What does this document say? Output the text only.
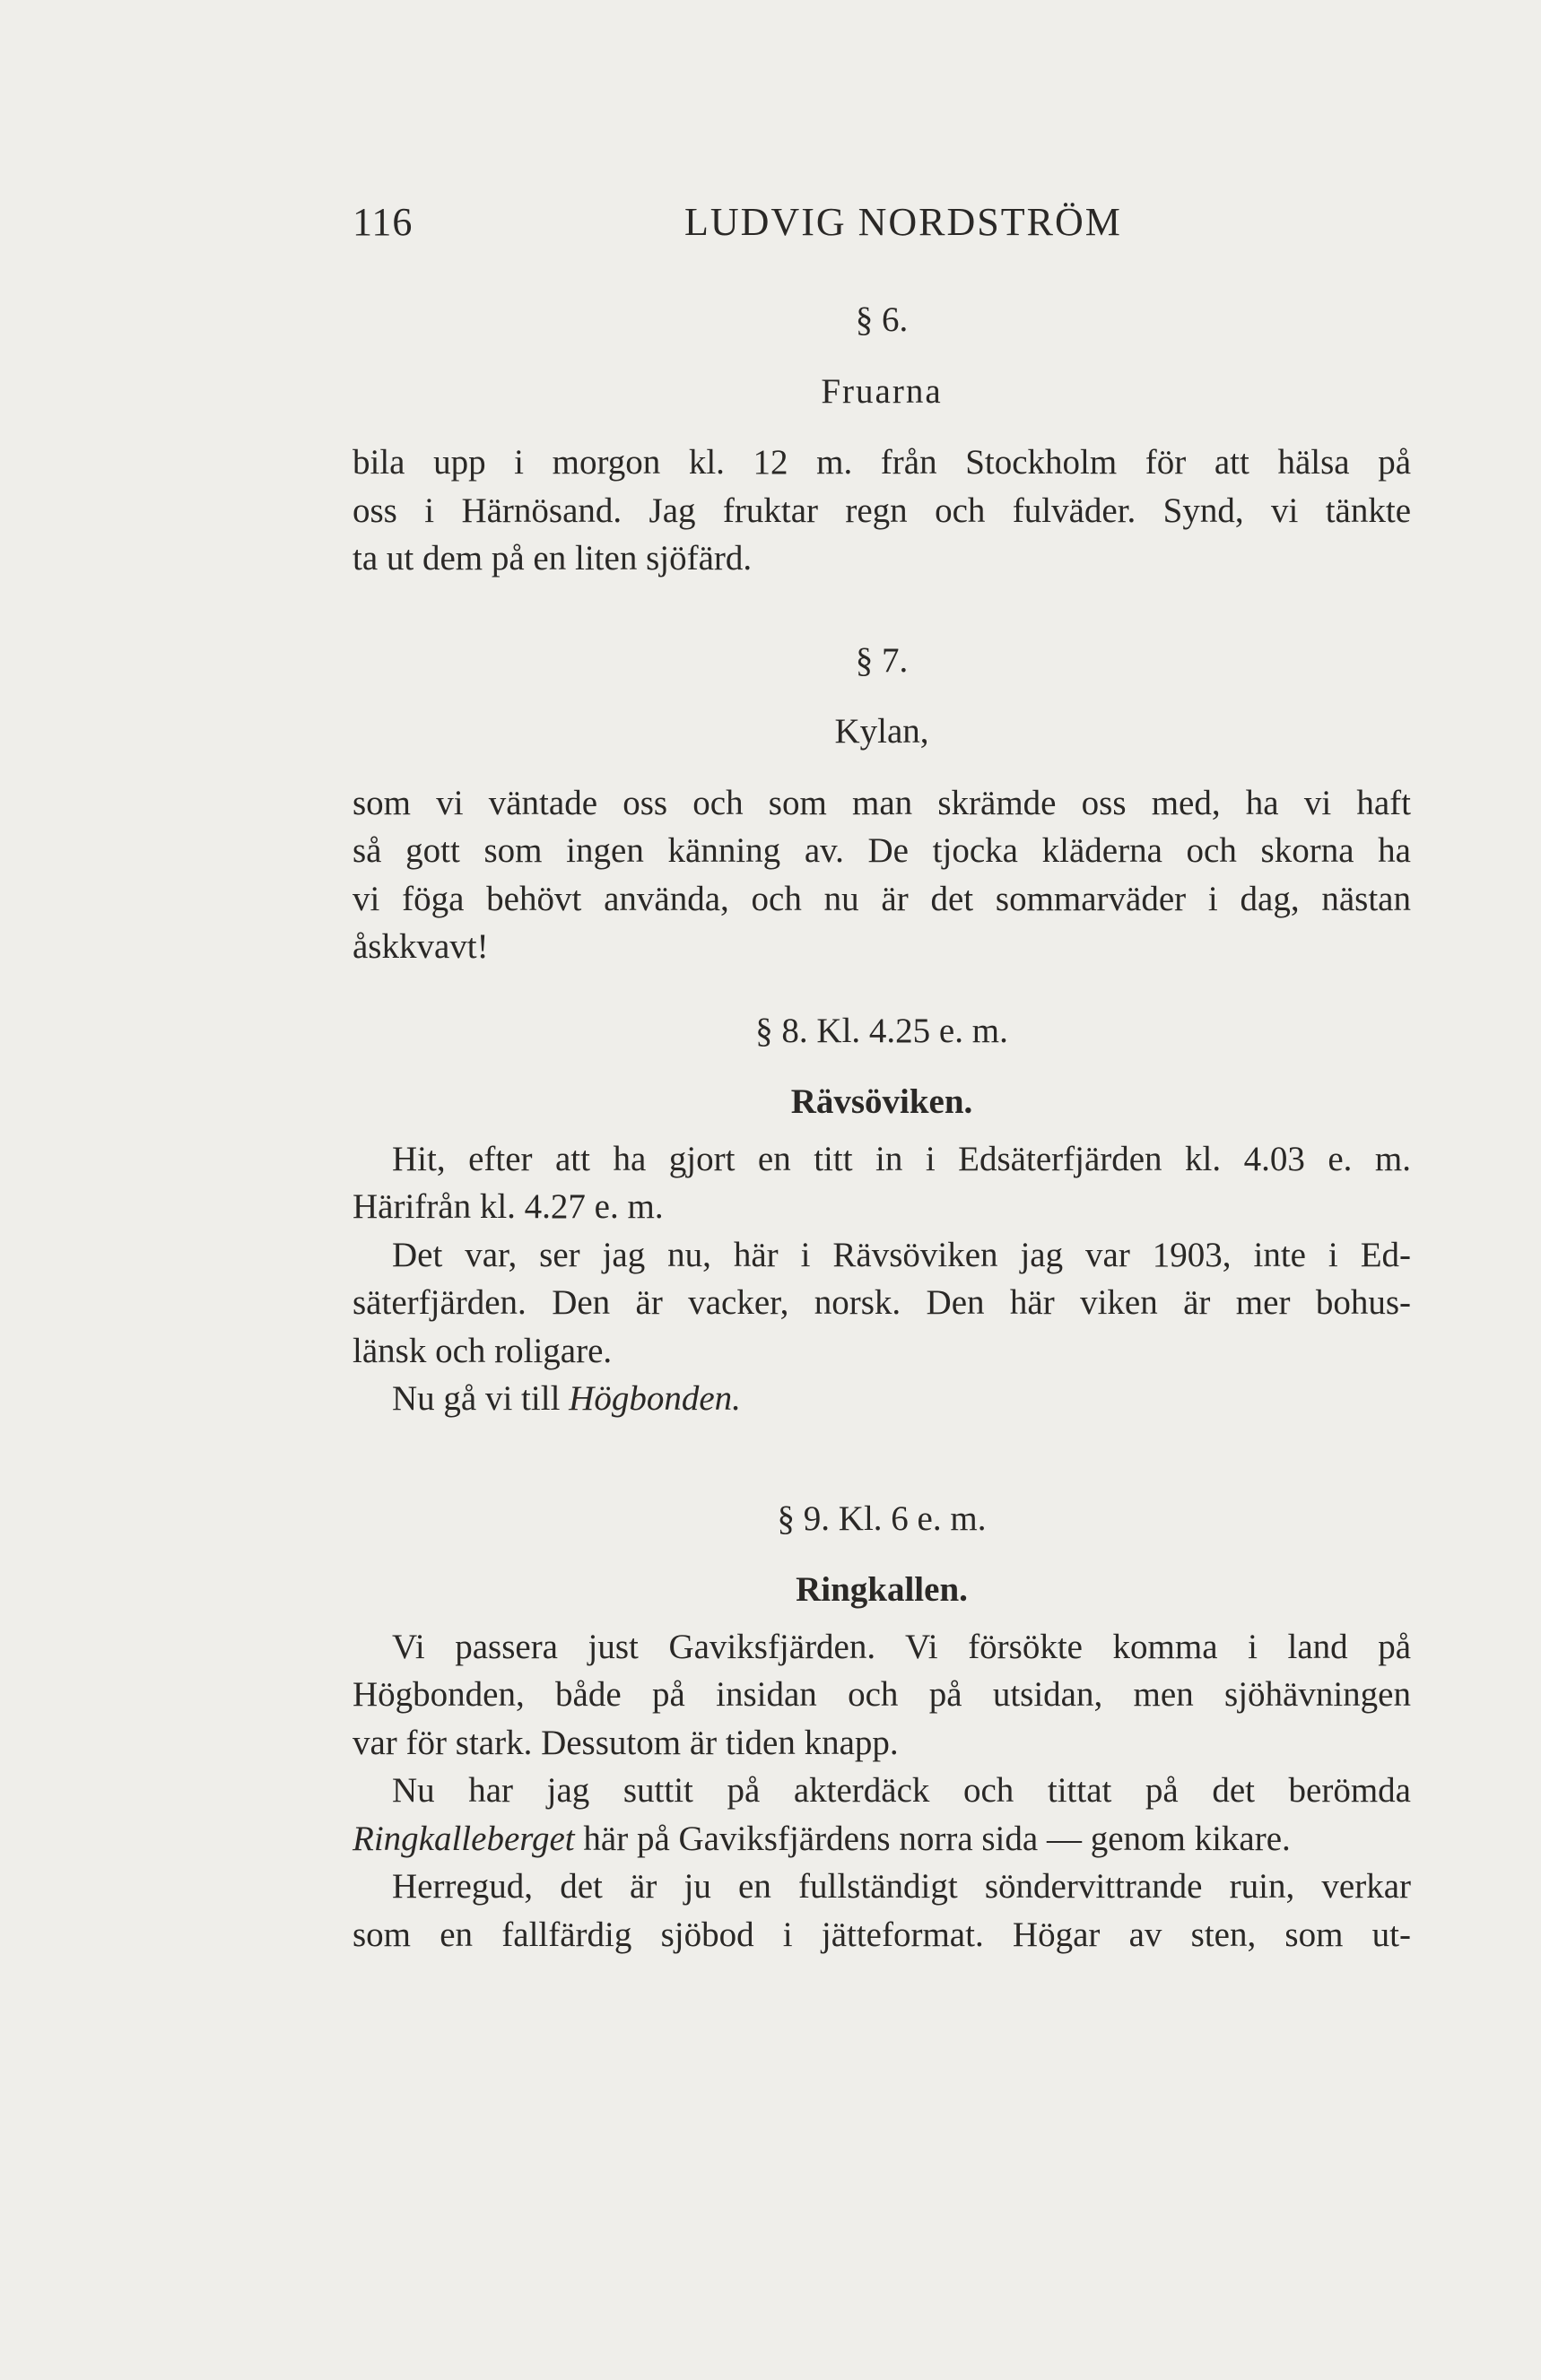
116	LUDVIG NORDSTRÖM

§ 6.

Fruarna

bila upp i morgon kl. 12 m. från Stockholm för att hälsa på
oss i Härnösand. Jag fruktar regn och fulväder. Synd, vi tänkte
ta ut dem på en liten sjöfärd.

§ 7.

Kylan,

som vi väntade oss och som man skrämde oss med, ha vi haft
så gott som ingen känning av. De tjocka kläderna och skorna ha
vi föga behövt använda, och nu är det sommarväder i dag, nästan
åskkvavt!

§ 8. Kl. 4.25 e. m.

Rävsöviken.

Hit, efter att ha gjort en titt in i Edsäterfjärden kl. 4.03 e. m.
Härifrån kl. 4.27 e. m.

Det var, ser jag nu, här i Rävsöviken jag var 1903, inte i Ed-
säterfjärden. Den är vacker, norsk. Den här viken är mer bohus-
länsk och roligare.

Nu gå vi till Högbonden.

§ 9. Kl. 6 e. m.

Ringkallen.

Vi passera just Gaviksfjärden. Vi försökte komma i land på
Högbonden, både på insidan och på utsidan, men sjöhävningen
var för stark. Dessutom är tiden knapp.

Nu har jag suttit på akterdäck och tittat på det berömda
Ringkalleberget här på Gaviksfjärdens norra sida — genom kikare.

Herregud, det är ju en fullständigt söndervittrande ruin, verkar
som en fallfärdig sjöbod i jätteformat. Högar av sten, som ut-
